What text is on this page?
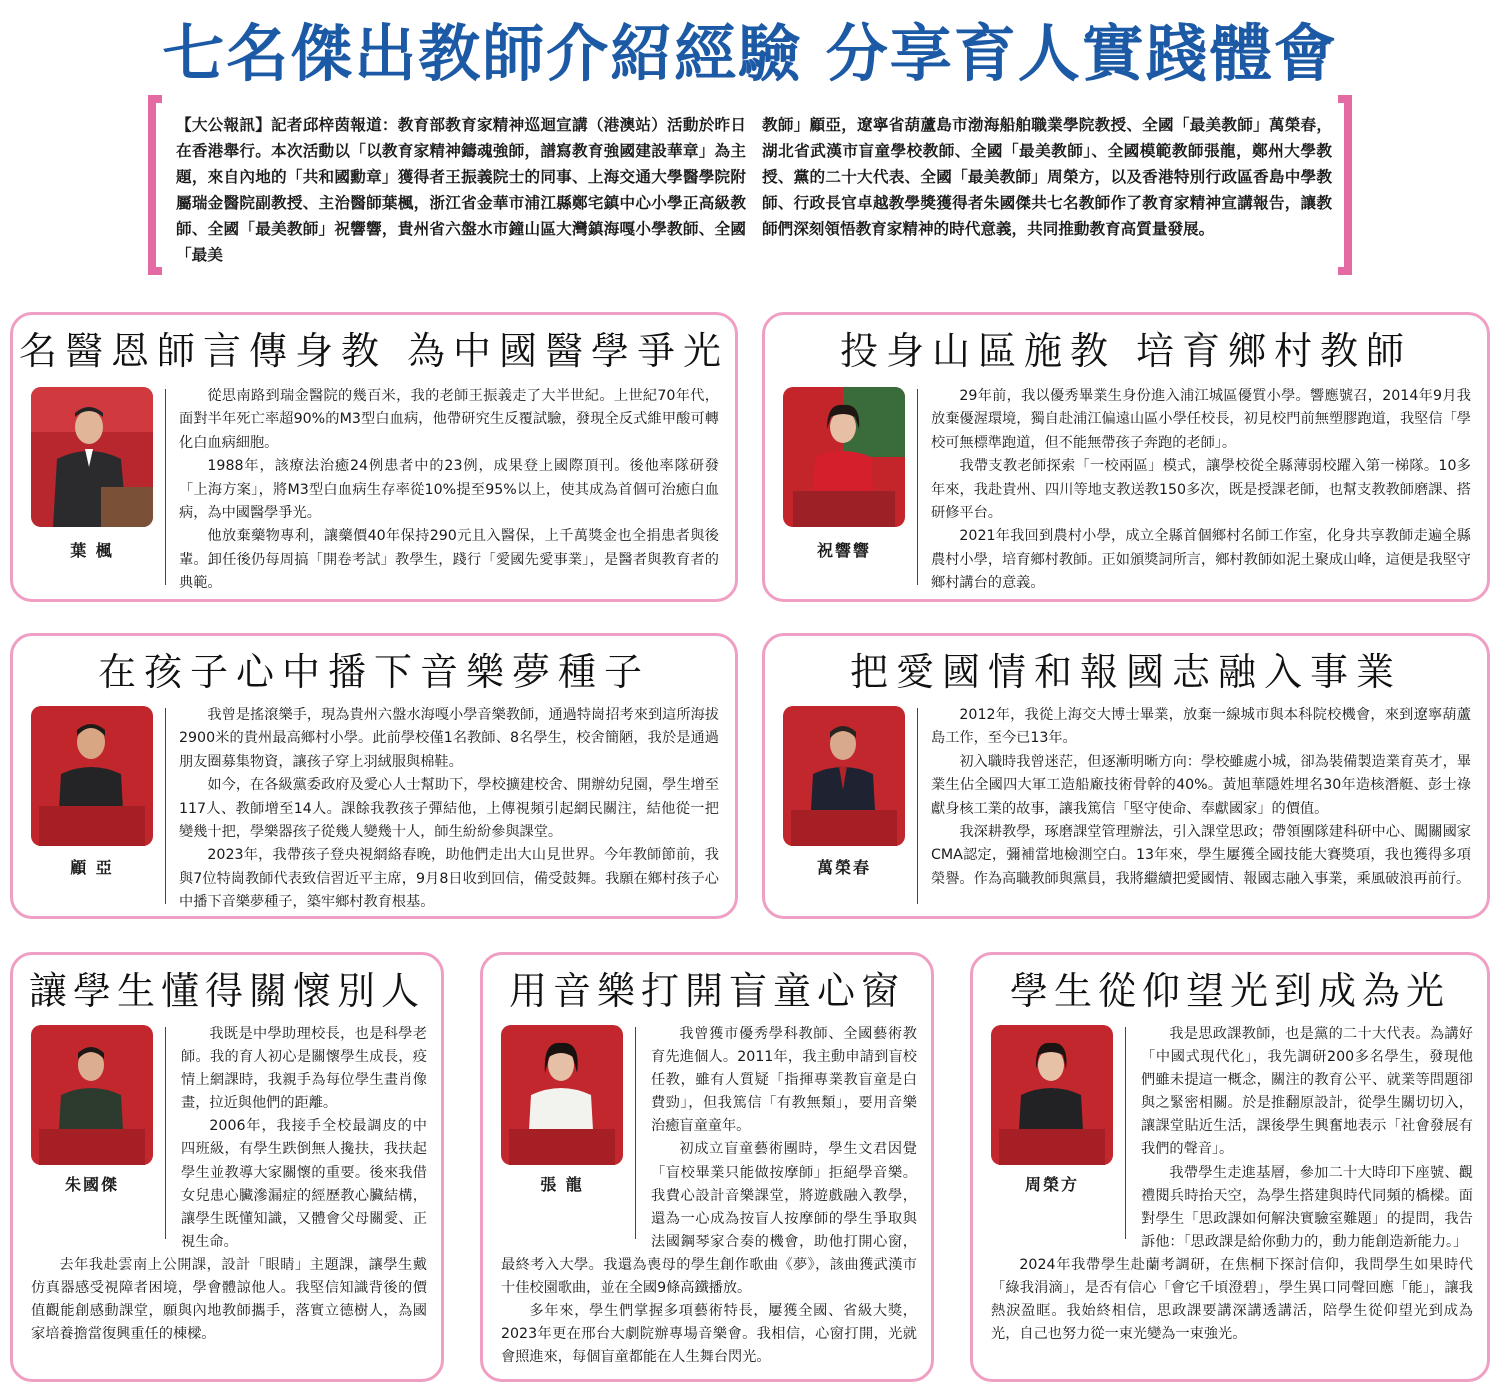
七名傑出教師介紹經驗 分享育人實踐體會
【大公報訊】記者邱梓茵報道：教育部教育家精神巡迴宣講（港澳站）活動於昨日在香港舉行。本次活動以「以教育家精神鑄魂強師，譜寫教育強國建設華章」為主題，來自內地的「共和國勳章」獲得者王振義院士的同事、上海交通大學醫學院附屬瑞金醫院副教授、主治醫師葉楓，浙江省金華市浦江縣鄭宅鎮中心小學正高級教師、全國「最美教師」祝響響，貴州省六盤水市鐘山區大灣鎮海嘎小學教師、全國「最美
教師」顧亞，遼寧省葫蘆島市渤海船舶職業學院教授、全國「最美教師」萬榮春，湖北省武漢市盲童學校教師、全國「最美教師」、全國模範教師張龍，鄭州大學教授、黨的二十大代表、全國「最美教師」周榮方，以及香港特別行政區香島中學教師、行政長官卓越教學獎獲得者朱國傑共七名教師作了教育家精神宣講報告，讓教師們深刻領悟教育家精神的時代意義，共同推動教育高質量發展。
名醫恩師言傳身教 為中國醫學爭光
葉 楓

從思南路到瑞金醫院的幾百米，我的老師王振義走了大半世紀。上世紀70年代，面對半年死亡率超90%的M3型白血病，他帶研究生反覆試驗，發現全反式維甲酸可轉化白血病細胞。

1988年，該療法治癒24例患者中的23例，成果登上國際頂刊。後他率隊研發「上海方案」，將M3型白血病生存率從10%提至95%以上，使其成為首個可治癒白血病，為中國醫學爭光。

他放棄藥物專利，讓藥價40年保持290元且入醫保，上千萬獎金也全捐患者與後輩。卸任後仍每周搞「開卷考試」教學生，踐行「愛國先愛事業」，是醫者與教育者的典範。

投身山區施教 培育鄉村教師
祝響響

29年前，我以優秀畢業生身份進入浦江城區優質小學。響應號召，2014年9月我放棄優渥環境，獨自赴浦江偏遠山區小學任校長，初見校門前無塑膠跑道，我堅信「學校可無標準跑道，但不能無帶孩子奔跑的老師」。

我帶支教老師探索「一校兩區」模式，讓學校從全縣薄弱校躍入第一梯隊。10多年來，我赴貴州、四川等地支教送教150多次，既是授課老師，也幫支教教師磨課、搭研修平台。

2021年我回到農村小學，成立全縣首個鄉村名師工作室，化身共享教師走遍全縣農村小學，培育鄉村教師。正如頒獎詞所言，鄉村教師如泥土聚成山峰，這便是我堅守鄉村講台的意義。

在孩子心中播下音樂夢種子
顧 亞

我曾是搖滾樂手，現為貴州六盤水海嘎小學音樂教師，通過特崗招考來到這所海拔2900米的貴州最高鄉村小學。此前學校僅1名教師、8名學生，校舍簡陋，我於是通過朋友圈募集物資，讓孩子穿上羽絨服與棉鞋。

如今，在各級黨委政府及愛心人士幫助下，學校擴建校舍、開辦幼兒園，學生增至117人、教師增至14人。課餘我教孩子彈結他，上傳視頻引起網民關注，結他從一把變幾十把，學樂器孩子從幾人變幾十人，師生紛紛參與課堂。

2023年，我帶孩子登央視網絡春晚，助他們走出大山見世界。今年教師節前，我與7位特崗教師代表致信習近平主席，9月8日收到回信，備受鼓舞。我願在鄉村孩子心中播下音樂夢種子，築牢鄉村教育根基。

把愛國情和報國志融入事業
萬榮春

2012年，我從上海交大博士畢業，放棄一線城市與本科院校機會，來到遼寧葫蘆島工作，至今已13年。

初入職時我曾迷茫，但逐漸明晰方向：學校雖處小城，卻為裝備製造業育英才，畢業生佔全國四大軍工造船廠技術骨幹的40%。黃旭華隱姓埋名30年造核潛艇、彭士祿獻身核工業的故事，讓我篤信「堅守使命、奉獻國家」的價值。

我深耕教學，琢磨課堂管理辦法，引入課堂思政；帶領團隊建科研中心、闖關國家CMA認定，彌補當地檢測空白。13年來，學生屢獲全國技能大賽獎項，我也獲得多項榮譽。作為高職教師與黨員，我將繼續把愛國情、報國志融入事業，乘風破浪再前行。

讓學生懂得關懷別人
朱國傑

我既是中學助理校長，也是科學老師。我的育人初心是關懷學生成長，疫情上網課時，我親手為每位學生畫肖像畫，拉近與他們的距離。

2006年，我接手全校最調皮的中四班級，有學生跌倒無人攙扶，我扶起學生並教導大家關懷的重要。後來我借女兒患心臟滲漏症的經歷教心臟結構，讓學生既懂知識，又體會父母關愛、正視生命。

去年我赴雲南上公開課，設計「眼睛」主題課，讓學生戴仿真器感受視障者困境，學會體諒他人。我堅信知識背後的價值觀能創感動課堂，願與內地教師攜手，落實立德樹人，為國家培養擔當復興重任的棟樑。

用音樂打開盲童心窗
張 龍

我曾獲市優秀學科教師、全國藝術教育先進個人。2011年，我主動申請到盲校任教，雖有人質疑「指揮專業教盲童是白費勁」，但我篤信「有教無類」，要用音樂治癒盲童童年。

初成立盲童藝術團時，學生文君因覺「盲校畢業只能做按摩師」拒絕學音樂。我費心設計音樂課堂，將遊戲融入教學，還為一心成為按盲人按摩師的學生爭取與法國鋼琴家合奏的機會，助他打開心窗，最終考入大學。我還為喪母的學生創作歌曲《夢》，該曲獲武漢市十佳校園歌曲，並在全國9條高鐵播放。

多年來，學生們掌握多項藝術特長，屢獲全國、省級大獎，2023年更在邢台大劇院辦專場音樂會。我相信，心窗打開，光就會照進來，每個盲童都能在人生舞台閃光。

學生從仰望光到成為光
周榮方

我是思政課教師，也是黨的二十大代表。為講好「中國式現代化」，我先調研200多名學生，發現他們雖未提這一概念，關注的教育公平、就業等問題卻與之緊密相關。於是推翻原設計，從學生關切切入，讓課堂貼近生活，課後學生興奮地表示「社會發展有我們的聲音」。

我帶學生走進基層，參加二十大時印下座號、觀禮閱兵時抬天空，為學生搭建與時代同頻的橋樑。面對學生「思政課如何解決實驗室難題」的提問，我告訴他：「思政課是給你動力的，動力能創造新能力。」

2024年我帶學生赴蘭考調研，在焦桐下探討信仰，我問學生如果時代「綠我涓滴」，是否有信心「會它千頃澄碧」，學生異口同聲回應「能」，讓我熱淚盈眶。我始終相信，思政課要講深講透講活，陪學生從仰望光到成為光，自己也努力從一束光變為一束強光。
